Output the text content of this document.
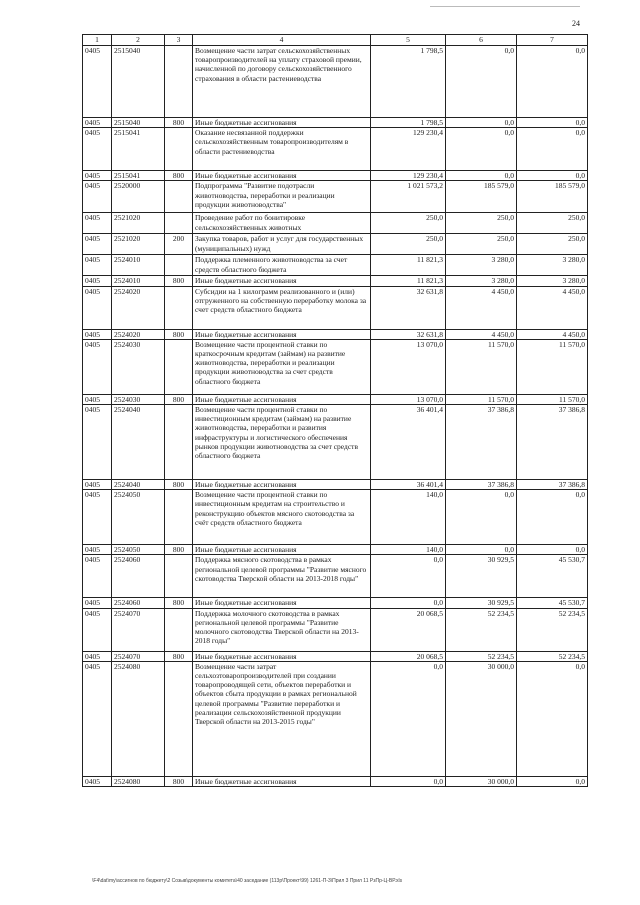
24
1	2	3	4	5	6	7
0405	2515040		Возмещение части затрат сельскохозяйственных товаропроизводителей на уплату страховой премии, начисленной по договору сельскохозяйственного страхования в области растениеводства	1 798,5	0,0	0,0
0405	2515040	800	Иные бюджетные ассигнования	1 798,5	0,0	0,0
0405	2515041		Оказание несвязанной поддержки сельскохозяйственным товаропроизводителям в области растениеводства	129 230,4	0,0	0,0
0405	2515041	800	Иные бюджетные ассигнования	129 230,4	0,0	0,0
0405	2520000		Подпрограмма "Развитие подотрасли животноводства, переработки и реализации продукции животноводства"	1 021 573,2	185 579,0	185 579,0
0405	2521020		Проведение работ по бонитировке сельскохозяйственных животных	250,0	250,0	250,0
0405	2521020	200	Закупка товаров, работ и услуг для государственных (муниципальных) нужд	250,0	250,0	250,0
0405	2524010		Поддержка племенного животноводства за счет средств областного бюджета	11 821,3	3 280,0	3 280,0
0405	2524010	800	Иные бюджетные ассигнования	11 821,3	3 280,0	3 280,0
0405	2524020		Субсидии на 1 килограмм реализованного и (или) отгруженного на собственную переработку молока за счет средств областного бюджета	32 631,8	4 450,0	4 450,0
0405	2524020	800	Иные бюджетные ассигнования	32 631,8	4 450,0	4 450,0
0405	2524030		Возмещение части процентной ставки по краткосрочным кредитам (займам) на развитие животноводства, переработки и реализации продукции животноводства за счет средств областного бюджета	13 070,0	11 570,0	11 570,0
0405	2524030	800	Иные бюджетные ассигнования	13 070,0	11 570,0	11 570,0
0405	2524040		Возмещение части процентной ставки по инвестиционным кредитам (займам) на развитие животноводства, переработки и развития инфраструктуры и логистического обеспечения рынков продукции животноводства за счет средств областного бюджета	36 401,4	37 386,8	37 386,8
0405	2524040	800	Иные бюджетные ассигнования	36 401,4	37 386,8	37 386,8
0405	2524050		Возмещение части процентной ставки по инвестиционным кредитам на строительство и реконструкцию объектов мясного скотоводства за счёт средств областного бюджета	140,0	0,0	0,0
0405	2524050	800	Иные бюджетные ассигнования	140,0	0,0	0,0
0405	2524060		Поддержка мясного скотоводства в рамках региональной целевой программы "Развитие мясного скотоводства Тверской области на 2013-2018 годы"	0,0	30 929,5	45 530,7
0405	2524060	800	Иные бюджетные ассигнования	0,0	30 929,5	45 530,7
0405	2524070		Поддержка молочного скотоводства в рамках региональной целевой программы "Развитие молочного скотоводства Тверской области на 2013-2018 годы"	20 068,5	52 234,5	52 234,5
0405	2524070	800	Иные бюджетные ассигнования	20 068,5	52 234,5	52 234,5
0405	2524080		Возмещение части затрат сельхозтоваропроизводителей при создании товаропроводящей сети, объектов переработки и объектов сбыта продукции в рамках региональной целевой программы "Развитие переработки и реализации сельскохозяйственной продукции Тверской области на 2013-2015 годы"	0,0	30 000,0	0,0
0405	2524080	800	Иные бюджетные ассигнования	0,0	30 000,0	0,0
\F4\dat\my\ассигнов по бюджету\2 Созыв\документы комитета\40 заседание (113р\Проект\99) 1261-П-3\Прил 3 Прил 11 РзПр-Ц-ВР.xls
